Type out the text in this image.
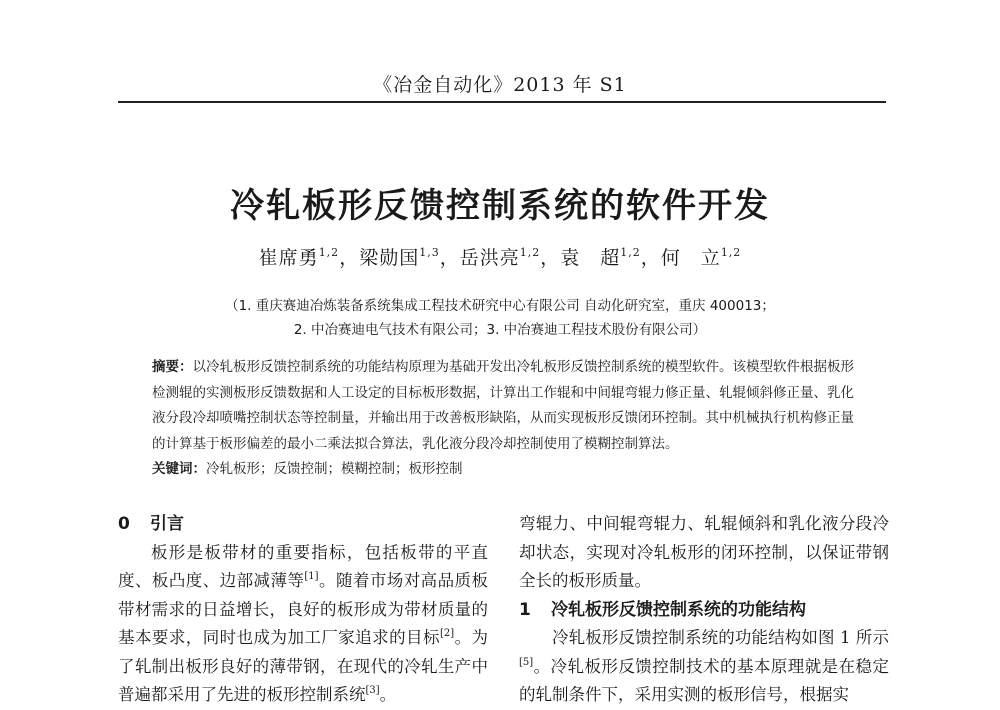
《冶金自动化》2013 年 S1
冷轧板形反馈控制系统的软件开发
崔席勇$^{1,2}$，梁勋国$^{1,3}$，岳洪亮$^{1,2}$，袁　超$^{1,2}$，何　立$^{1,2}$
（1. 重庆赛迪冶炼装备系统集成工程技术研究中心有限公司 自动化研究室，重庆 400013；
2. 中冶赛迪电气技术有限公司；3. 中冶赛迪工程技术股份有限公司）
摘要：以冷轧板形反馈控制系统的功能结构原理为基础开发出冷轧板形反馈控制系统的模型软件。该模型软件根据板形检测辊的实测板形反馈数据和人工设定的目标板形数据，计算出工作辊和中间辊弯辊力修正量、轧辊倾斜修正量、乳化液分段冷却喷嘴控制状态等控制量，并输出用于改善板形缺陷，从而实现板形反馈闭环控制。其中机械执行机构修正量的计算基于板形偏差的最小二乘法拟合算法，乳化液分段冷却控制使用了模糊控制算法。
关键词：冷轧板形；反馈控制；模糊控制；板形控制
0 引言
板形是板带材的重要指标，包括板带的平直度、板凸度、边部减薄等[1]。随着市场对高品质板带材需求的日益增长，良好的板形成为带材质量的基本要求，同时也成为加工厂家追求的目标[2]。为了轧制出板形良好的薄带钢，在现代的冷轧生产中普遍都采用了先进的板形控制系统[3]。
弯辊力、中间辊弯辊力、轧辊倾斜和乳化液分段冷却状态，实现对冷轧板形的闭环控制，以保证带钢全长的板形质量。
1 冷轧板形反馈控制系统的功能结构
冷轧板形反馈控制系统的功能结构如图 1 所示[5]。冷轧板形反馈控制技术的基本原理就是在稳定的轧制条件下，采用实测的板形信号，根据实
